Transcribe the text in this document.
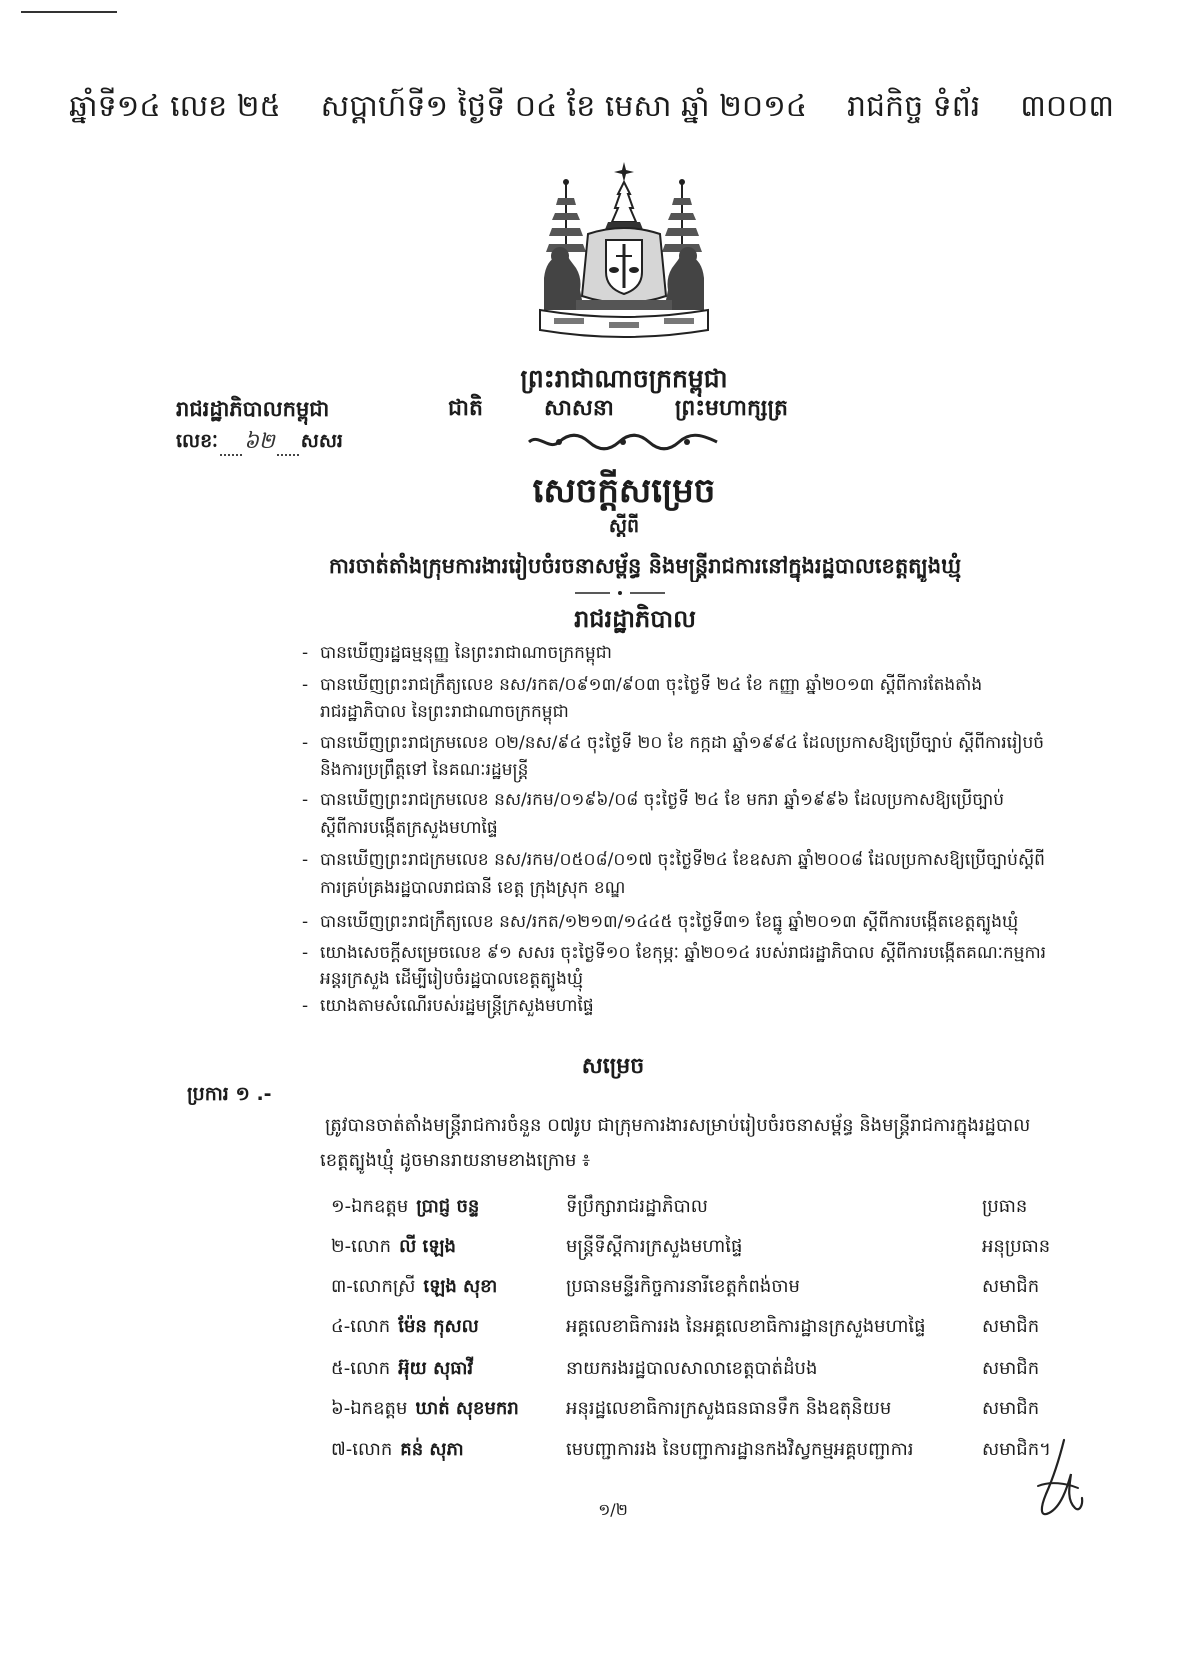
ឆ្នាំទី១៤ លេខ ២៥ សប្តាហ៍ទី១ ថ្ងៃទី ០៤ ខែ មេសា ឆ្នាំ ២០១៤ រាជកិច្ច ទំព័រ ៣០០៣
ព្រះរាជាណាចក្រកម្ពុជា
រាជរដ្ឋាភិបាលកម្ពុជា	ជាតិ	សាសនា	ព្រះមហាក្សត្រ
លេខៈ ៦២ សសរ
សេចក្តីសម្រេច
ស្តីពី
ការចាត់តាំងក្រុមការងាររៀបចំរចនាសម្ព័ន្ធ និងមន្ត្រីរាជការនៅក្នុងរដ្ឋបាលខេត្តត្បូងឃ្មុំ
រាជរដ្ឋាភិបាល
- បានឃើញរដ្ឋធម្មនុញ្ញ នៃព្រះរាជាណាចក្រកម្ពុជា
- បានឃើញព្រះរាជក្រឹត្យលេខ នស/រកត/០៩១៣/៩០៣ ចុះថ្ងៃទី ២៤ ខែ កញ្ញា ឆ្នាំ២០១៣ ស្តីពីការតែងតាំង
រាជរដ្ឋាភិបាល នៃព្រះរាជាណាចក្រកម្ពុជា
- បានឃើញព្រះរាជក្រមលេខ ០២/នស/៩៤ ចុះថ្ងៃទី ២០ ខែ កក្កដា ឆ្នាំ១៩៩៤ ដែលប្រកាសឱ្យប្រើច្បាប់ ស្តីពីការរៀបចំ
និងការប្រព្រឹត្តទៅ នៃគណៈរដ្ឋមន្ត្រី
- បានឃើញព្រះរាជក្រមលេខ នស/រកម/០១៩៦/០៨ ចុះថ្ងៃទី ២៤ ខែ មករា ឆ្នាំ១៩៩៦ ដែលប្រកាសឱ្យប្រើច្បាប់
ស្តីពីការបង្កើតក្រសួងមហាផ្ទៃ
- បានឃើញព្រះរាជក្រមលេខ នស/រកម/០៥០៨/០១៧ ចុះថ្ងៃទី២៤ ខែឧសភា ឆ្នាំ២០០៨ ដែលប្រកាសឱ្យប្រើច្បាប់ស្តីពី
ការគ្រប់គ្រងរដ្ឋបាលរាជធានី ខេត្ត ក្រុងស្រុក ខណ្ឌ
- បានឃើញព្រះរាជក្រឹត្យលេខ នស/រកត/១២១៣/១៤៤៥ ចុះថ្ងៃទី៣១ ខែធ្នូ ឆ្នាំ២០១៣ ស្តីពីការបង្កើតខេត្តត្បូងឃ្មុំ
- យោងសេចក្តីសម្រេចលេខ ៩១ សសរ ចុះថ្ងៃទី១០ ខែកុម្ភៈ ឆ្នាំ២០១៤ របស់រាជរដ្ឋាភិបាល ស្តីពីការបង្កើតគណៈកម្មការ
អន្តរក្រសួង ដើម្បីរៀបចំរដ្ឋបាលខេត្តត្បូងឃ្មុំ
- យោងតាមសំណើរបស់រដ្ឋមន្ត្រីក្រសួងមហាផ្ទៃ
សម្រេច
ប្រការ ១ .-
ត្រូវបានចាត់តាំងមន្ត្រីរាជការចំនួន ០៧រូប ជាក្រុមការងារសម្រាប់រៀបចំរចនាសម្ព័ន្ធ និងមន្ត្រីរាជការក្នុងរដ្ឋបាល
ខេត្តត្បូងឃ្មុំ ដូចមានរាយនាមខាងក្រោម ៖
១-ឯកឧត្តម ប្រាជ្ញ ចន្ទ	ទីប្រឹក្សារាជរដ្ឋាភិបាល	ប្រធាន
២-លោក លី ឡេង	មន្ត្រីទីស្តីការក្រសួងមហាផ្ទៃ	អនុប្រធាន
៣-លោកស្រី ឡេង សុខា	ប្រធានមន្ទីរកិច្ចការនារីខេត្តកំពង់ចាម	សមាជិក
៤-លោក ម៉ែន កុសល	អគ្គលេខាធិការរង នៃអគ្គលេខាធិការដ្ឋានក្រសួងមហាផ្ទៃ	សមាជិក
៥-លោក អ៊ុយ សុធាវី	នាយករងរដ្ឋបាលសាលាខេត្តបាត់ដំបង	សមាជិក
៦-ឯកឧត្តម ឃាត់ សុខមករា	អនុរដ្ឋលេខាធិការក្រសួងធនធានទឹក និងឧតុនិយម	សមាជិក
៧-លោក គន់ សុភា	មេបញ្ជាការរង នៃបញ្ជាការដ្ឋានកងវិស្វកម្មអគ្គបញ្ជាការ	សមាជិក។
១/២
